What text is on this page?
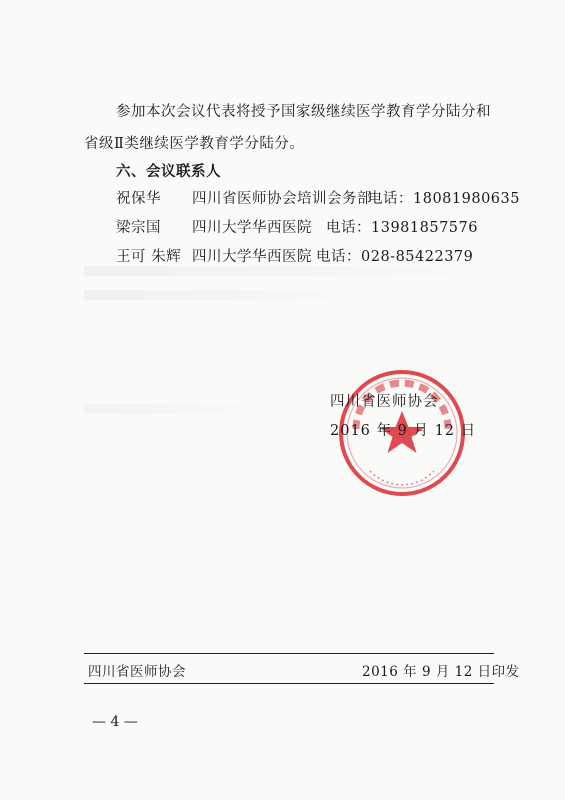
参加本次会议代表将授予国家级继续医学教育学分陆分和
省级Ⅱ类继续医学教育学分陆分。
六、会议联系人
祝保华 四川省医师协会培训会务部
电话：18081980635
梁宗国 四川大学华西医院 电话：13981857576
王可 朱辉 四川大学华西医院 电话：028-85422379
四川省医师协会
2016 年 9 月 12 日
四川省医师协会	2016 年 9 月 12 日印发
— 4 —
